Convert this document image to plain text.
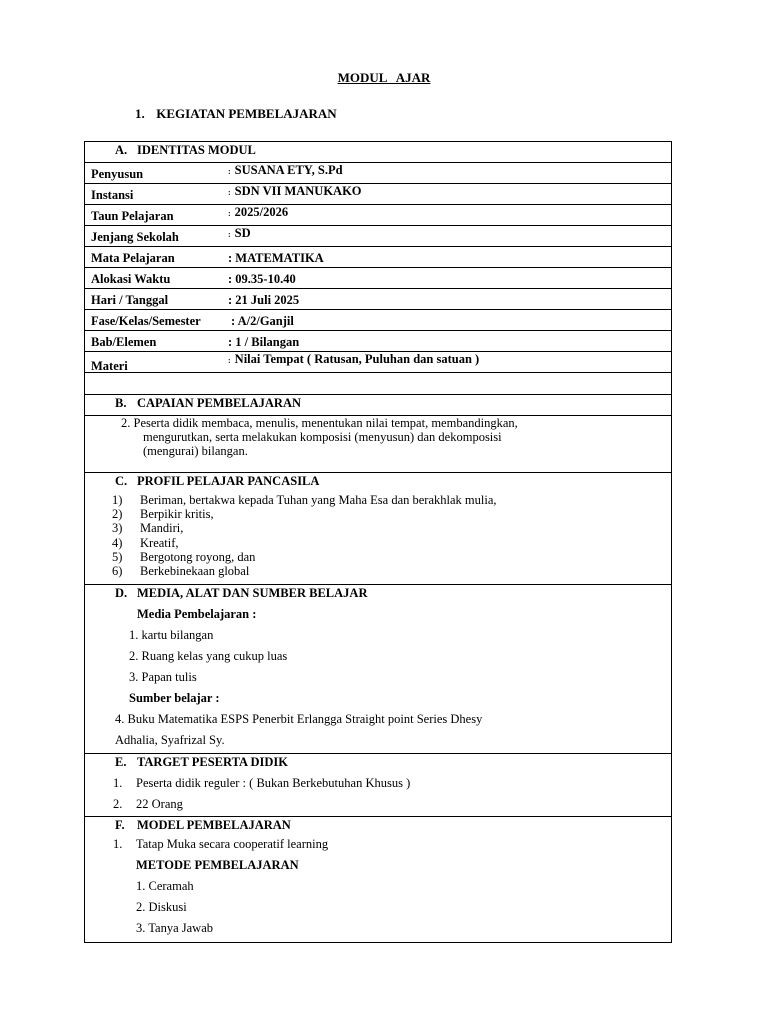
MODUL   AJAR
1. KEGIATAN PEMBELAJARAN
A. IDENTITAS MODUL
Penyusun	: SUSANA ETY, S.Pd
Instansi	: SDN VII MANUKAKO
Taun Pelajaran	: 2025/2026
Jenjang Sekolah	: SD
Mata Pelajaran	: MATEMATIKA
Alokasi Waktu	: 09.35-10.40
Hari / Tanggal	: 21 Juli 2025
Fase/Kelas/Semester : A/2/Ganjil
Bab/Elemen	: 1 / Bilangan
Materi	: Nilai Tempat ( Ratusan, Puluhan dan satuan )
B. CAPAIAN PEMBELAJARAN
2. Peserta didik membaca, menulis, menentukan nilai tempat, membandingkan,
mengurutkan, serta melakukan komposisi (menyusun) dan dekomposisi
(mengurai) bilangan.
C. PROFIL PELAJAR PANCASILA
1) Beriman, bertakwa kepada Tuhan yang Maha Esa dan berakhlak mulia,
2) Berpikir kritis,
3) Mandiri,
4) Kreatif,
5) Bergotong royong, dan
6) Berkebinekaan global
D. MEDIA, ALAT DAN SUMBER BELAJAR
Media Pembelajaran :
1. kartu bilangan
2. Ruang kelas yang cukup luas
3. Papan tulis
Sumber belajar :
4. Buku Matematika ESPS Penerbit Erlangga Straight point Series Dhesy
Adhalia, Syafrizal Sy.
E. TARGET PESERTA DIDIK
1. Peserta didik reguler : ( Bukan Berkebutuhan Khusus )
2. 22 Orang
F. MODEL PEMBELAJARAN
1. Tatap Muka secara cooperatif learning
METODE PEMBELAJARAN
1. Ceramah
2. Diskusi
3. Tanya Jawab
